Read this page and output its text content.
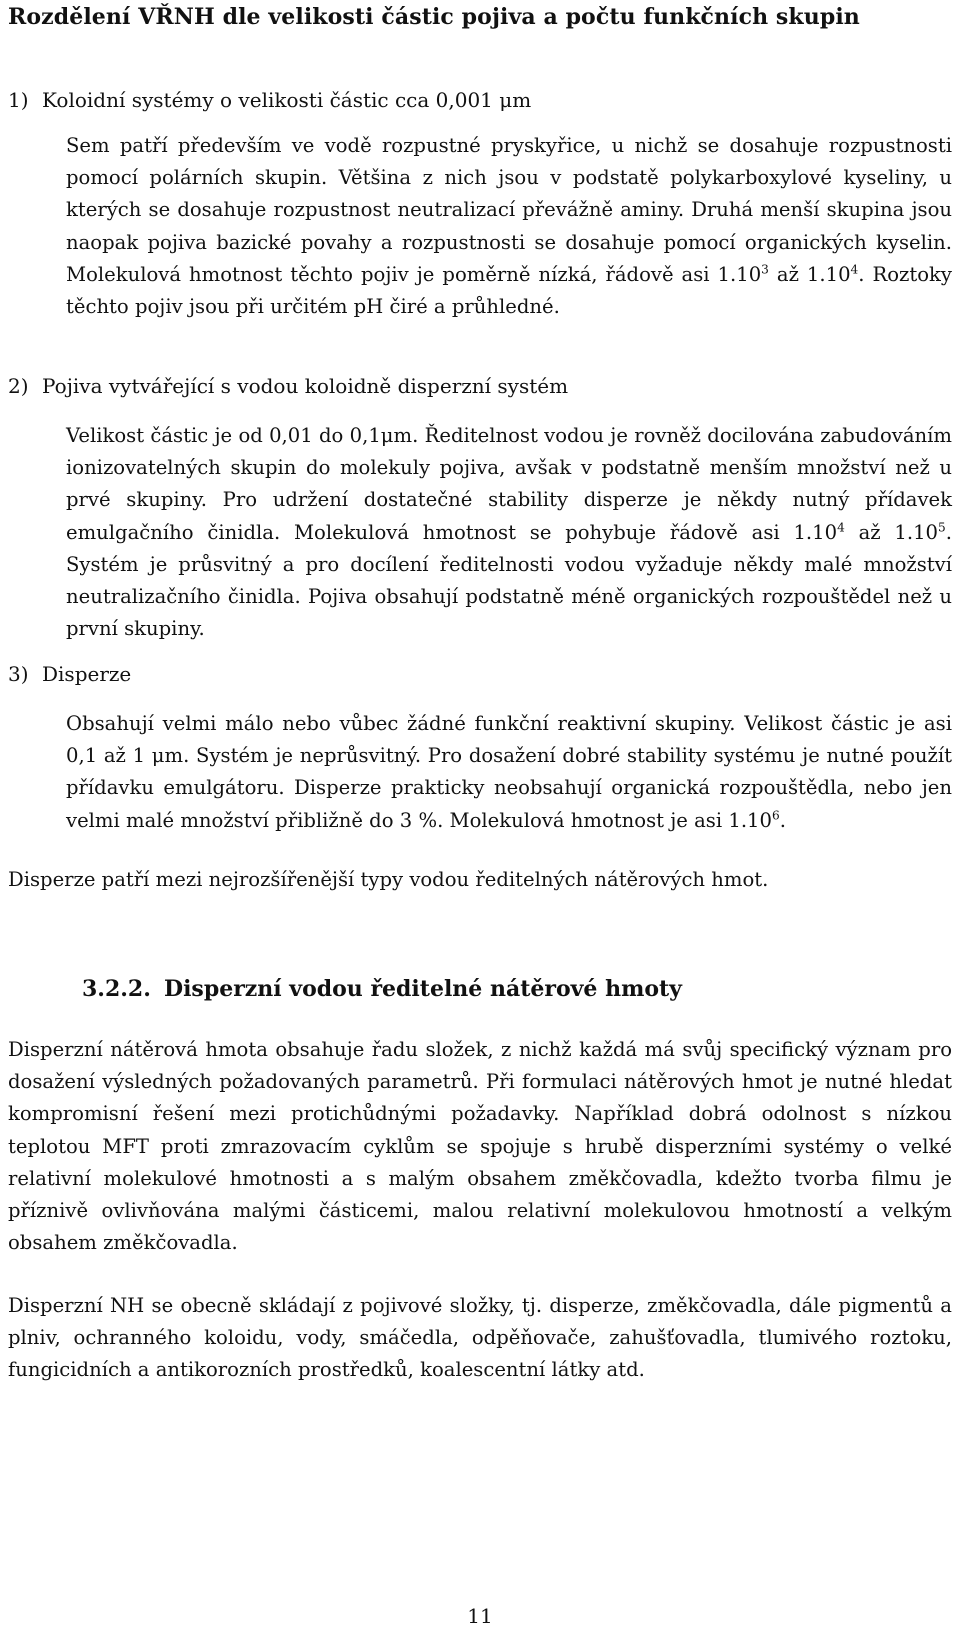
Rozdělení VŘNH dle velikosti částic pojiva a počtu funkčních skupin
1) Koloidní systémy o velikosti částic cca 0,001 μm
Sem patří především ve vodě rozpustné pryskyřice, u nichž se dosahuje rozpustnosti pomocí polárních skupin. Většina z nich jsou v podstatě polykarboxylové kyseliny, u kterých se dosahuje rozpustnost neutralizací převážně aminy. Druhá menší skupina jsou naopak pojiva bazické povahy a rozpustnosti se dosahuje pomocí organických kyselin. Molekulová hmotnost těchto pojiv je poměrně nízká, řádově asi 1.10$^3$ až 1.10$^4$. Roztoky těchto pojiv jsou při určitém pH čiré a průhledné.
2) Pojiva vytvářející s vodou koloidně disperzní systém
Velikost částic je od 0,01 do 0,1μm. Ředitelnost vodou je rovněž docilována zabudováním ionizovatelných skupin do molekuly pojiva, avšak v podstatně menším množství než u prvé skupiny. Pro udržení dostatečné stability disperze je někdy nutný přídavek emulgačního činidla. Molekulová hmotnost se pohybuje řádově asi 1.10$^4$ až 1.10$^5$. Systém je průsvitný a pro docílení ředitelnosti vodou vyžaduje někdy malé množství neutralizačního činidla. Pojiva obsahují podstatně méně organických rozpouštědel než u první skupiny.
3) Disperze
Obsahují velmi málo nebo vůbec žádné funkční reaktivní skupiny. Velikost částic je asi 0,1 až 1 μm. Systém je neprůsvitný. Pro dosažení dobré stability systému je nutné použít přídavku emulgátoru. Disperze prakticky neobsahují organická rozpouštědla, nebo jen velmi malé množství přibližně do 3 %. Molekulová hmotnost je asi 1.10$^6$.
Disperze patří mezi nejrozšířenější typy vodou ředitelných nátěrových hmot.
3.2.2. Disperzní vodou ředitelné nátěrové hmoty
Disperzní nátěrová hmota obsahuje řadu složek, z nichž každá má svůj specifický význam pro dosažení výsledných požadovaných parametrů. Při formulaci nátěrových hmot je nutné hledat kompromisní řešení mezi protichůdnými požadavky. Například dobrá odolnost s nízkou teplotou MFT proti zmrazovacím cyklům se spojuje s hrubě disperzními systémy o velké relativní molekulové hmotnosti a s malým obsahem změkčovadla, kdežto tvorba filmu je příznivě ovlivňována malými částicemi, malou relativní molekulovou hmotností a velkým obsahem změkčovadla.
Disperzní NH se obecně skládají z pojivové složky, tj. disperze, změkčovadla, dále pigmentů a plniv, ochranného koloidu, vody, smáčedla, odpěňovače, zahušťovadla, tlumivého roztoku, fungicidních a antikorozních prostředků, koalescentní látky atd.
11
